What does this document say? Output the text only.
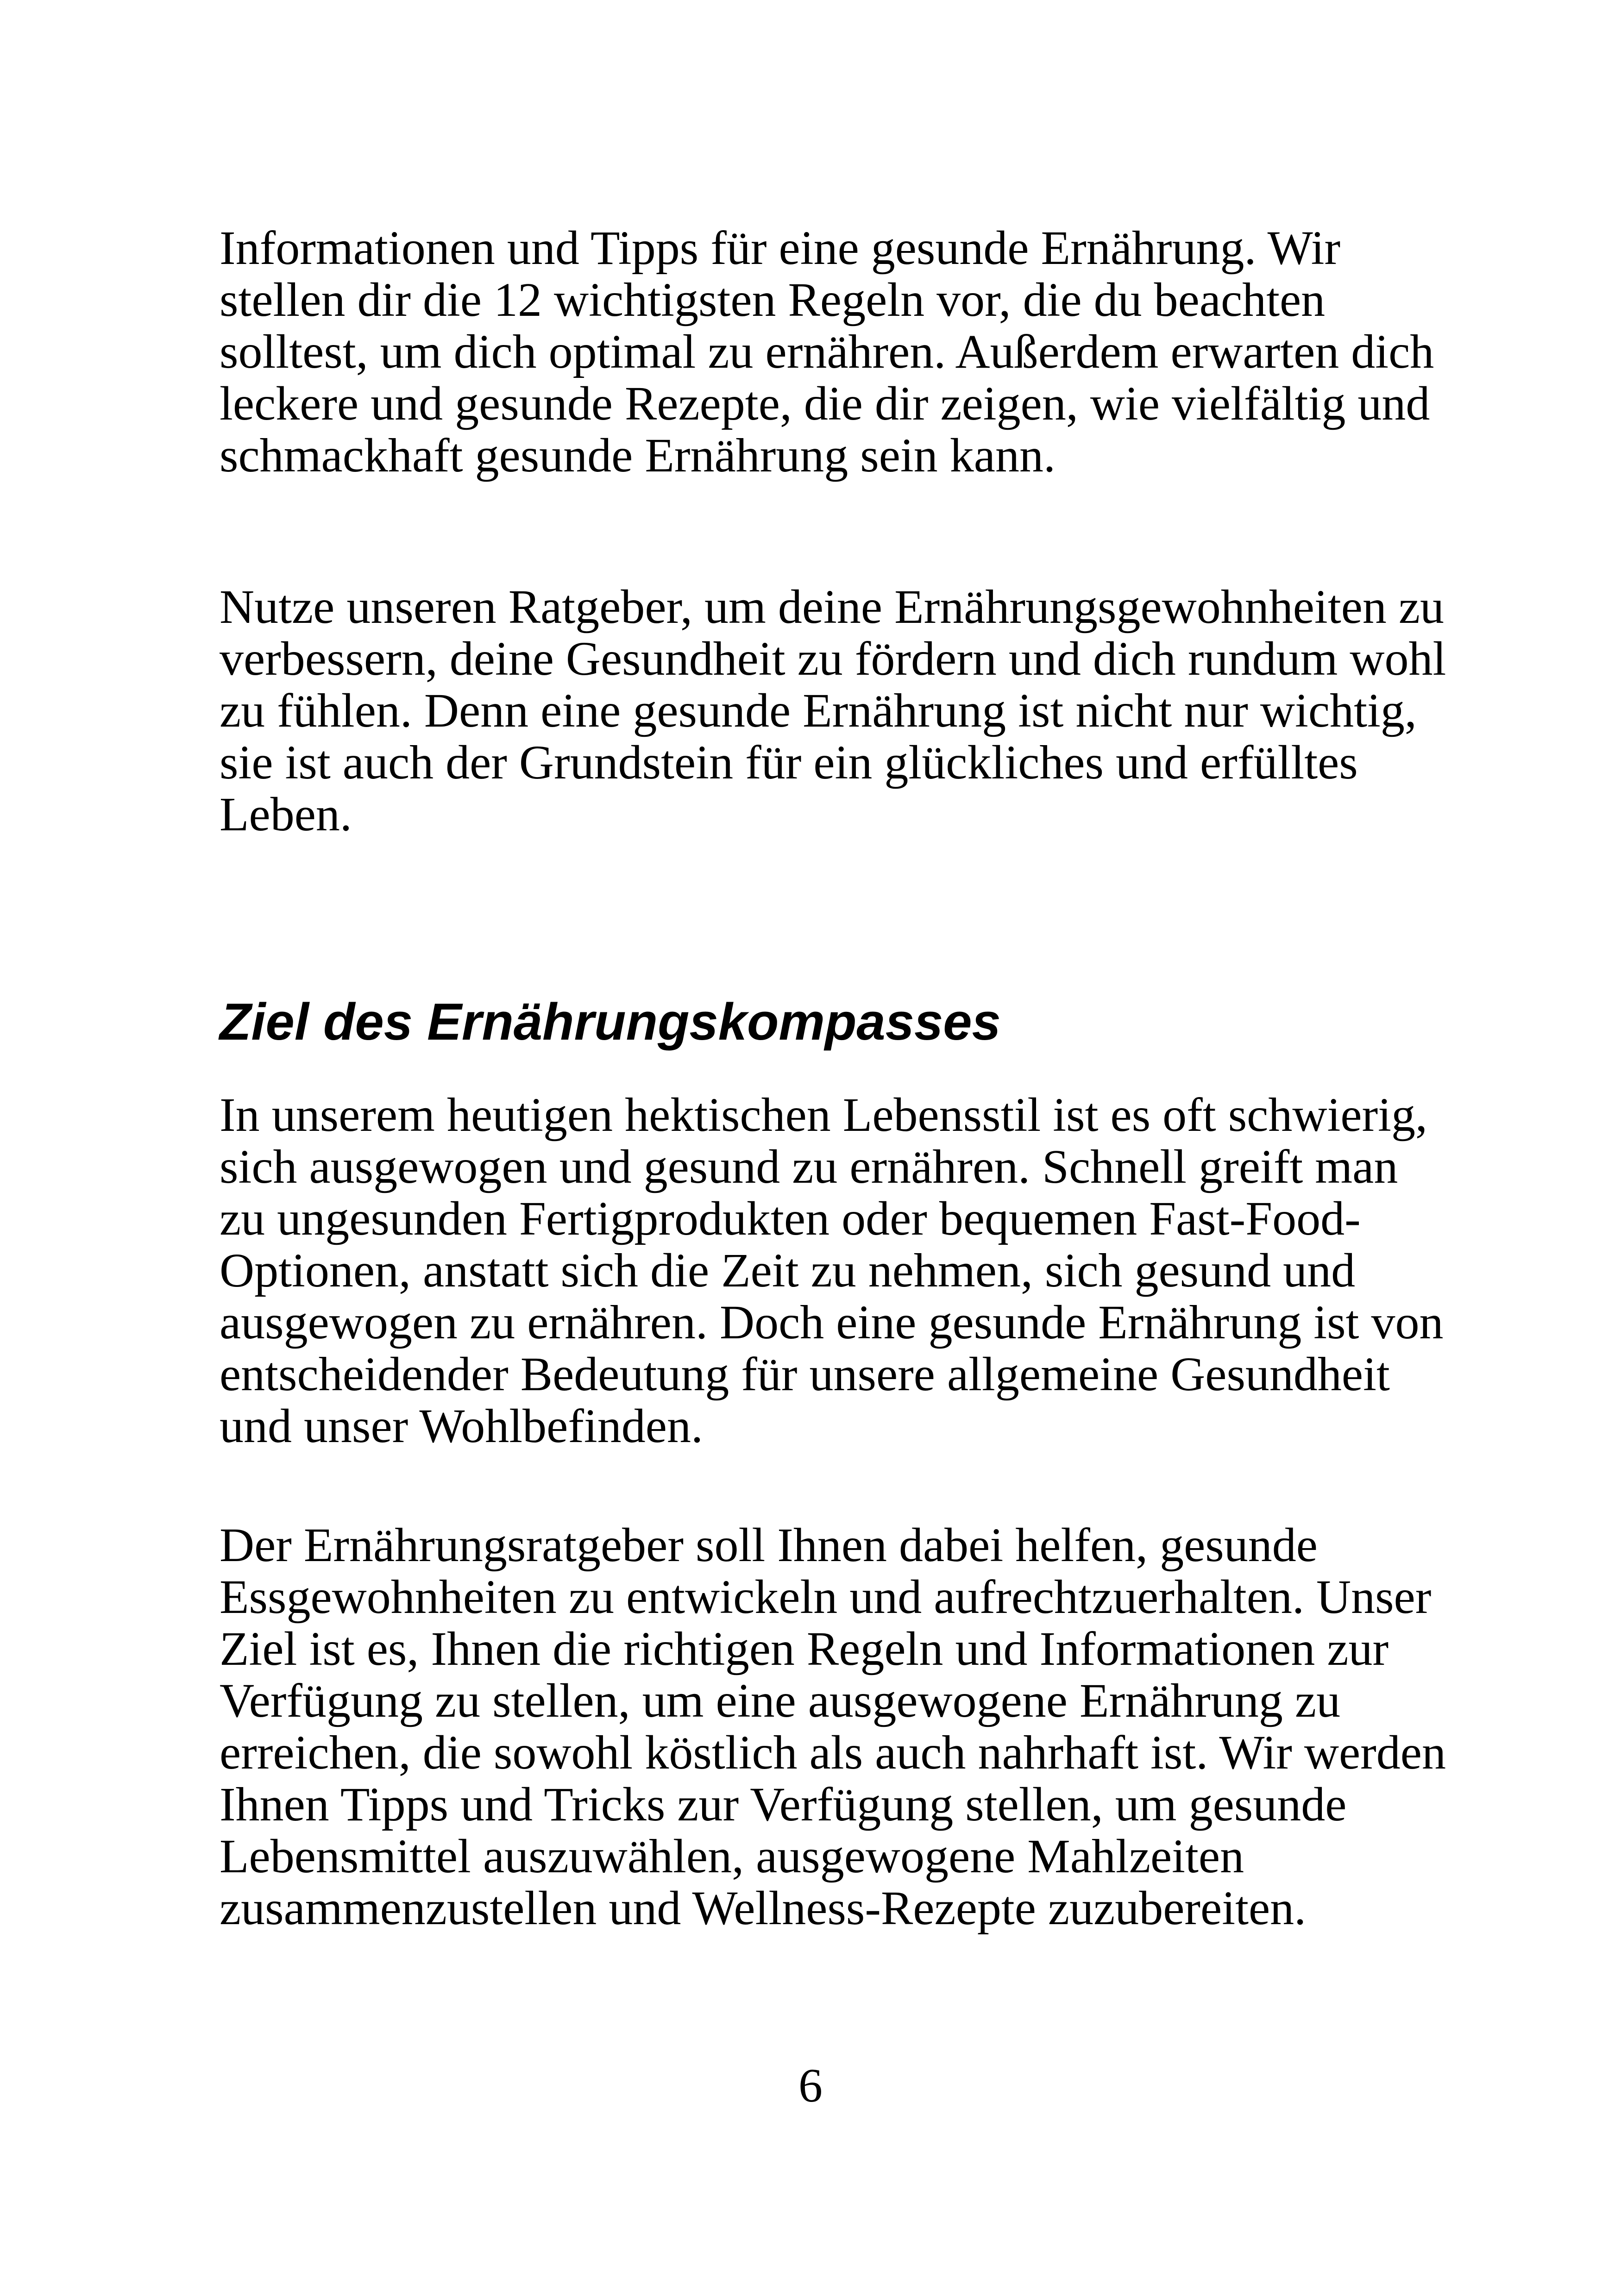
Informationen und Tipps für eine gesunde Ernährung. Wir

stellen dir die 12 wichtigsten Regeln vor, die du beachten

solltest, um dich optimal zu ernähren. Außerdem erwarten dich

leckere und gesunde Rezepte, die dir zeigen, wie vielfältig und

schmackhaft gesunde Ernährung sein kann.

Nutze unseren Ratgeber, um deine Ernährungsgewohnheiten zu

verbessern, deine Gesundheit zu fördern und dich rundum wohl

zu fühlen. Denn eine gesunde Ernährung ist nicht nur wichtig,

sie ist auch der Grundstein für ein glückliches und erfülltes

Leben.

Ziel des Ernährungskompasses

In unserem heutigen hektischen Lebensstil ist es oft schwierig,

sich ausgewogen und gesund zu ernähren. Schnell greift man

zu ungesunden Fertigprodukten oder bequemen Fast-Food-

Optionen, anstatt sich die Zeit zu nehmen, sich gesund und

ausgewogen zu ernähren. Doch eine gesunde Ernährung ist von

entscheidender Bedeutung für unsere allgemeine Gesundheit

und unser Wohlbefinden.

Der Ernährungsratgeber soll Ihnen dabei helfen, gesunde

Essgewohnheiten zu entwickeln und aufrechtzuerhalten. Unser

Ziel ist es, Ihnen die richtigen Regeln und Informationen zur

Verfügung zu stellen, um eine ausgewogene Ernährung zu

erreichen, die sowohl köstlich als auch nahrhaft ist. Wir werden

Ihnen Tipps und Tricks zur Verfügung stellen, um gesunde

Lebensmittel auszuwählen, ausgewogene Mahlzeiten

zusammenzustellen und Wellness-Rezepte zuzubereiten.

6
